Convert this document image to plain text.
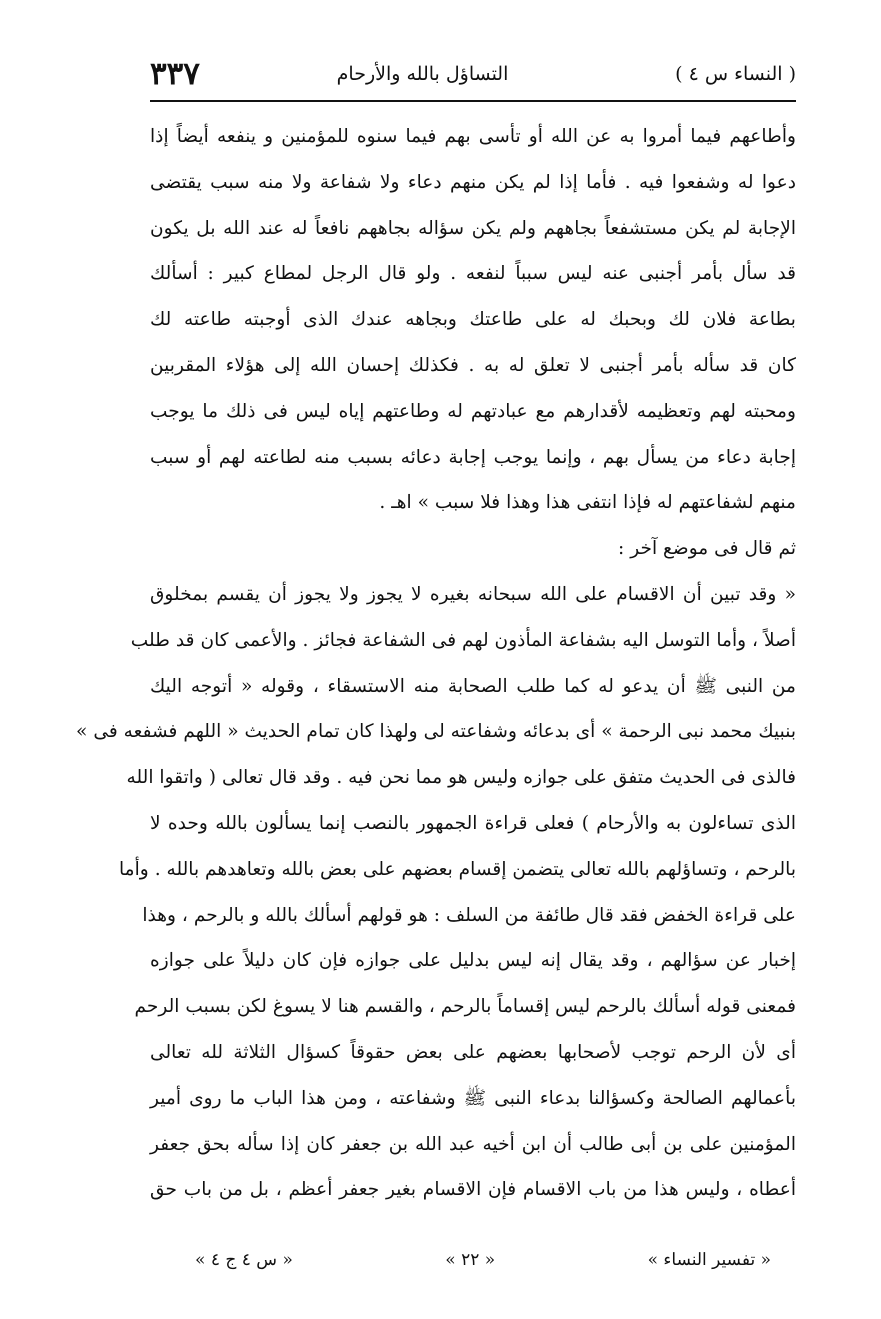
( النساء س ٤ )
التساؤل بالله والأرحام
٣٣٧
وأطاعهم فيما أمروا به عن الله أو تأسى بهم فيما سنوه للمؤمنين و ينفعه أيضاً إذا
دعوا له وشفعوا فيه . فأما إذا لم يكن منهم دعاء ولا شفاعة ولا منه سبب يقتضى
الإجابة لم يكن مستشفعاً بجاههم ولم يكن سؤاله بجاههم نافعاً له عند الله بل يكون
قد سأل بأمر أجنبى عنه ليس سبباً لنفعه . ولو قال الرجل لمطاع كبير : أسألك
بطاعة فلان لك وبحبك له على طاعتك وبجاهه عندك الذى أوجبته طاعته لك
كان قد سأله بأمر أجنبى لا تعلق له به . فكذلك إحسان الله إلى هؤلاء المقربين
ومحبته لهم وتعظيمه لأقدارهم مع عبادتهم له وطاعتهم إياه ليس فى ذلك ما يوجب
إجابة دعاء من يسأل بهم ، وإنما يوجب إجابة دعائه بسبب منه لطاعته لهم أو سبب
منهم لشفاعتهم له فإذا انتفى هذا وهذا فلا سبب » اهـ .
ثم قال فى موضع آخر :
« وقد تبين أن الاقسام على الله سبحانه بغيره لا يجوز ولا يجوز أن يقسم بمخلوق
أصلاً ، وأما التوسل اليه بشفاعة المأذون لهم فى الشفاعة فجائز . والأعمى كان قد طلب
من النبى ﷺ أن يدعو له كما طلب الصحابة منه الاستسقاء ، وقوله « أتوجه اليك
بنبيك محمد نبى الرحمة » أى بدعائه وشفاعته لى ولهذا كان تمام الحديث « اللهم فشفعه فى »
فالذى فى الحديث متفق على جوازه وليس هو مما نحن فيه . وقد قال تعالى ( واتقوا الله
الذى تساءلون به والأرحام ) فعلى قراءة الجمهور بالنصب إنما يسألون بالله وحده لا
بالرحم ، وتساؤلهم بالله تعالى يتضمن إقسام بعضهم على بعض بالله وتعاهدهم بالله . وأما
على قراءة الخفض فقد قال طائفة من السلف : هو قولهم أسألك بالله و بالرحم ، وهذا
إخبار عن سؤالهم ، وقد يقال إنه ليس بدليل على جوازه فإن كان دليلاً على جوازه
فمعنى قوله أسألك بالرحم ليس إقساماً بالرحم ، والقسم هنا لا يسوغ لكن بسبب الرحم
أى لأن الرحم توجب لأصحابها بعضهم على بعض حقوقاً كسؤال الثلاثة لله تعالى
بأعمالهم الصالحة وكسؤالنا بدعاء النبى ﷺ وشفاعته ، ومن هذا الباب ما روى أمير
المؤمنين على بن أبى طالب أن ابن أخيه عبد الله بن جعفر كان إذا سأله بحق جعفر
أعطاه ، وليس هذا من باب الاقسام فإن الاقسام بغير جعفر أعظم ، بل من باب حق
« تفسير النساء »
« ٢٢ »
« س ٤ ج ٤ »
